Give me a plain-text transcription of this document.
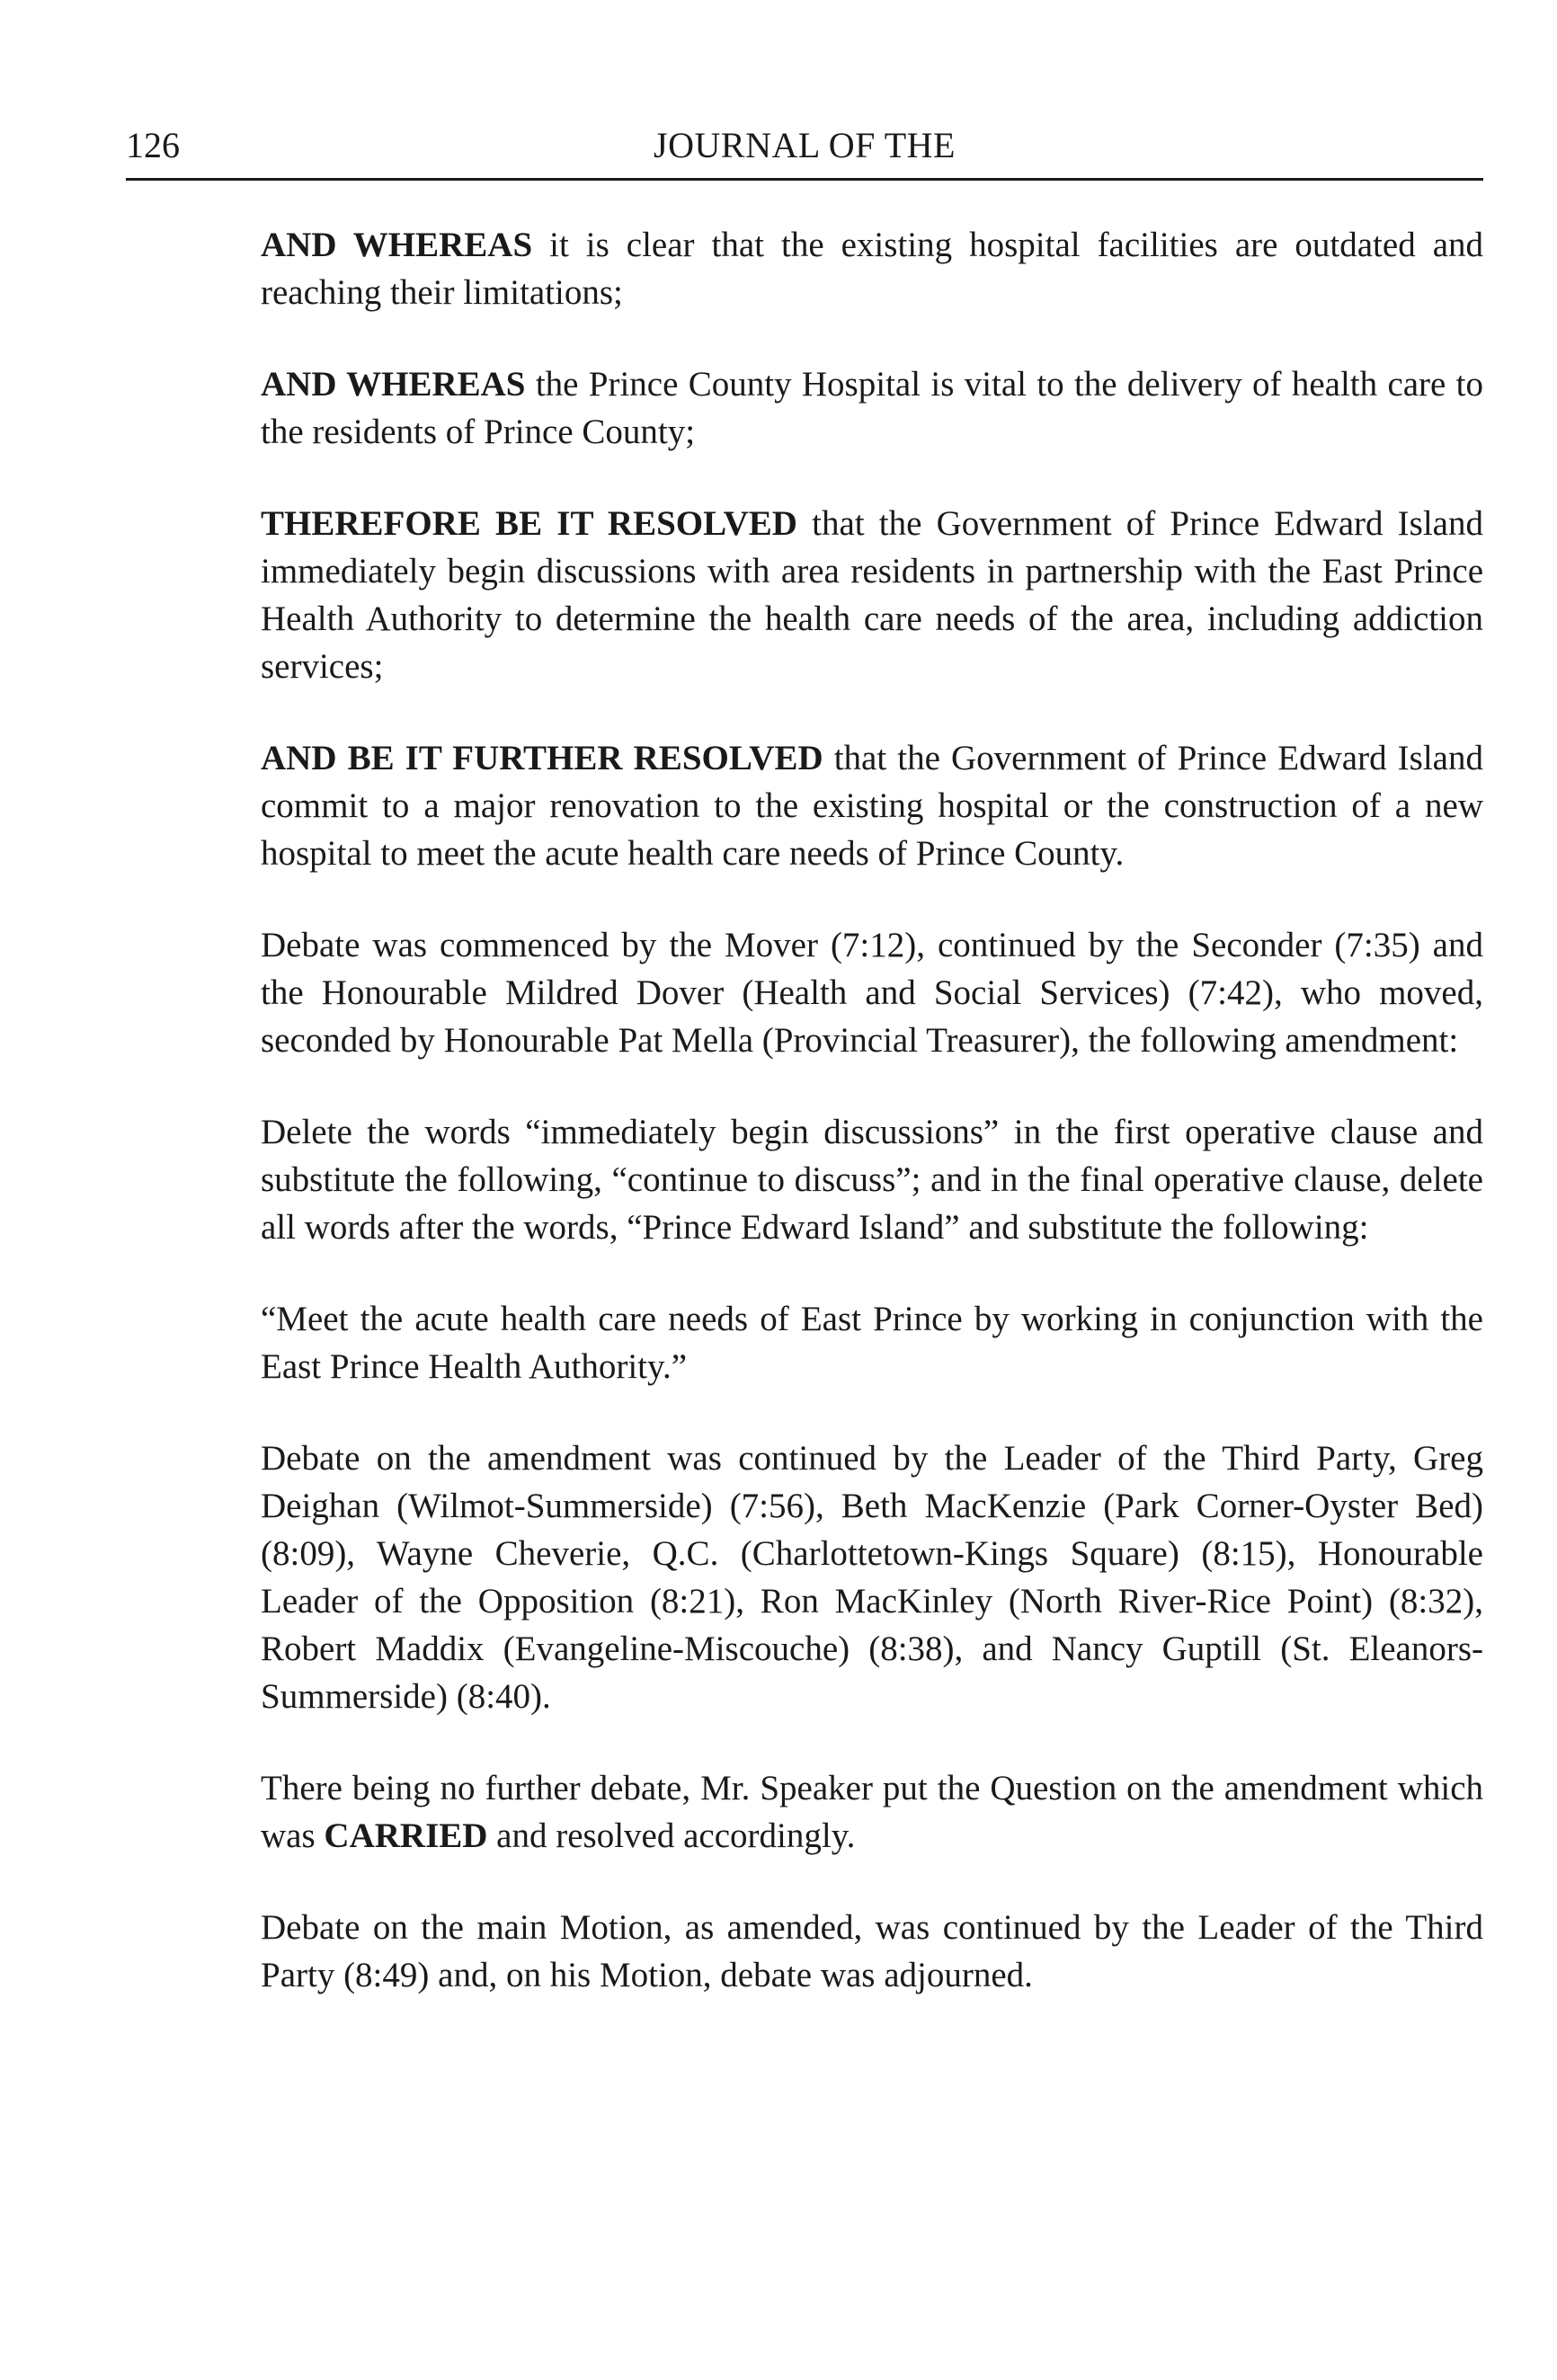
126	JOURNAL OF THE

AND WHEREAS it is clear that the existing hospital facilities are outdated and reaching their limitations;

AND WHEREAS the Prince County Hospital is vital to the delivery of health care to the residents of Prince County;

THEREFORE BE IT RESOLVED that the Government of Prince Edward Island immediately begin discussions with area residents in partnership with the East Prince Health Authority to determine the health care needs of the area, including addiction services;

AND BE IT FURTHER RESOLVED that the Government of Prince Edward Island commit to a major renovation to the existing hospital or the construction of a new hospital to meet the acute health care needs of Prince County.

Debate was commenced by the Mover (7:12), continued by the Seconder (7:35) and the Honourable Mildred Dover (Health and Social Services) (7:42), who moved, seconded by Honourable Pat Mella (Provincial Treasurer), the following amendment:

Delete the words “immediately begin discussions” in the first operative clause and substitute the following, “continue to discuss”; and in the final operative clause, delete all words after the words, “Prince Edward Island” and substitute the following:

“Meet the acute health care needs of East Prince by working in conjunction with the East Prince Health Authority.”

Debate on the amendment was continued by the Leader of the Third Party, Greg Deighan (Wilmot-Summerside) (7:56), Beth MacKenzie (Park Corner-Oyster Bed) (8:09), Wayne Cheverie, Q.C. (Charlottetown-Kings Square) (8:15), Honourable Leader of the Opposition (8:21), Ron MacKinley (North River-Rice Point) (8:32), Robert Maddix (Evangeline-Miscouche) (8:38), and Nancy Guptill (St. Eleanors-Summerside) (8:40).

There being no further debate, Mr. Speaker put the Question on the amendment which was CARRIED and resolved accordingly.

Debate on the main Motion, as amended, was continued by the Leader of the Third Party (8:49) and, on his Motion, debate was adjourned.
